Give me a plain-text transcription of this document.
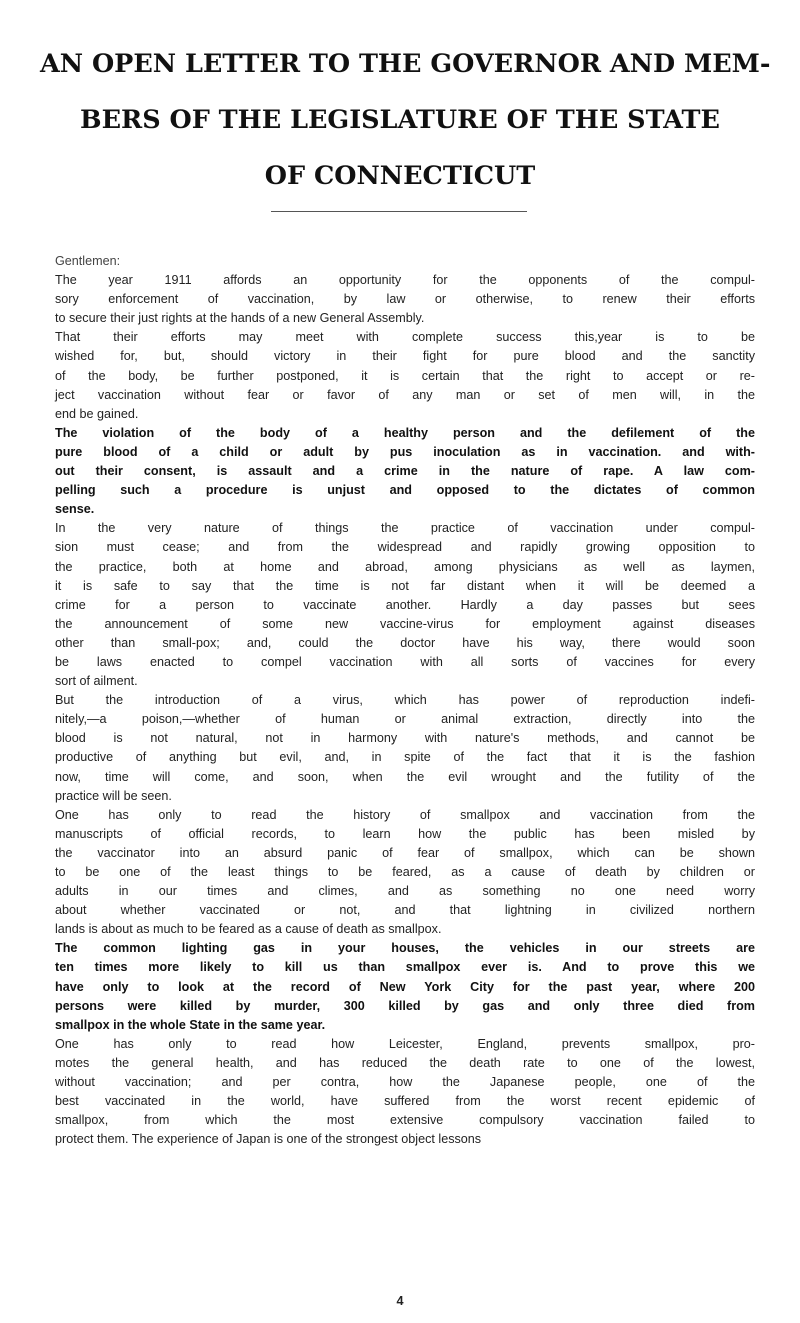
AN OPEN LETTER TO THE GOVERNOR AND MEM-
BERS OF THE LEGISLATURE OF THE STATE
OF CONNECTICUT
Gentlemen:
The year 1911 affords an opportunity for the opponents of the compul-
sory enforcement of vaccination, by law or otherwise, to renew their efforts
to secure their just rights at the hands of a new General Assembly.
That their efforts may meet with complete success this,year is to be
wished for, but, should victory in their fight for pure blood and the sanctity
of the body, be further postponed, it is certain that the right to accept or re-
ject vaccination without fear or favor of any man or set of men will, in the
end be gained.
The violation of the body of a healthy person and the defilement of the
pure blood of a child or adult by pus inoculation as in vaccination. and with-
out their consent, is assault and a crime in the nature of rape. A law com-
pelling such a procedure is unjust and opposed to the dictates of common
sense.
In the very nature of things the practice of vaccination under compul-
sion must cease; and from the widespread and rapidly growing opposition to
the practice, both at home and abroad, among physicians as well as laymen,
it is safe to say that the time is not far distant when it will be deemed a
crime for a person to vaccinate another. Hardly a day passes but sees
the announcement of some new vaccine-virus for employment against diseases
other than small-pox; and, could the doctor have his way, there would soon
be laws enacted to compel vaccination with all sorts of vaccines for every
sort of ailment.
But the introduction of a virus, which has power of reproduction indefi-
nitely,—a poison,—whether of human or animal extraction, directly into the
blood is not natural, not in harmony with nature's methods, and cannot be
productive of anything but evil, and, in spite of the fact that it is the fashion
now, time will come, and soon, when the evil wrought and the futility of the
practice will be seen.
One has only to read the history of smallpox and vaccination from the
manuscripts of official records, to learn how the public has been misled by
the vaccinator into an absurd panic of fear of smallpox, which can be shown
to be one of the least things to be feared, as a cause of death by children or
adults in our times and climes, and as something no one need worry
about whether vaccinated or not, and that lightning in civilized northern
lands is about as much to be feared as a cause of death as smallpox.
The common lighting gas in your houses, the vehicles in our streets are
ten times more likely to kill us than smallpox ever is. And to prove this we
have only to look at the record of New York City for the past year, where 200
persons were killed by murder, 300 killed by gas and only three died from
smallpox in the whole State in the same year.
One has only to read how Leicester, England, prevents smallpox, pro-
motes the general health, and has reduced the death rate to one of the lowest,
without vaccination; and per contra, how the Japanese people, one of the
best vaccinated in the world, have suffered from the worst recent epidemic of
smallpox, from which the most extensive compulsory vaccination failed to
protect them. The experience of Japan is one of the strongest object lessons
4
